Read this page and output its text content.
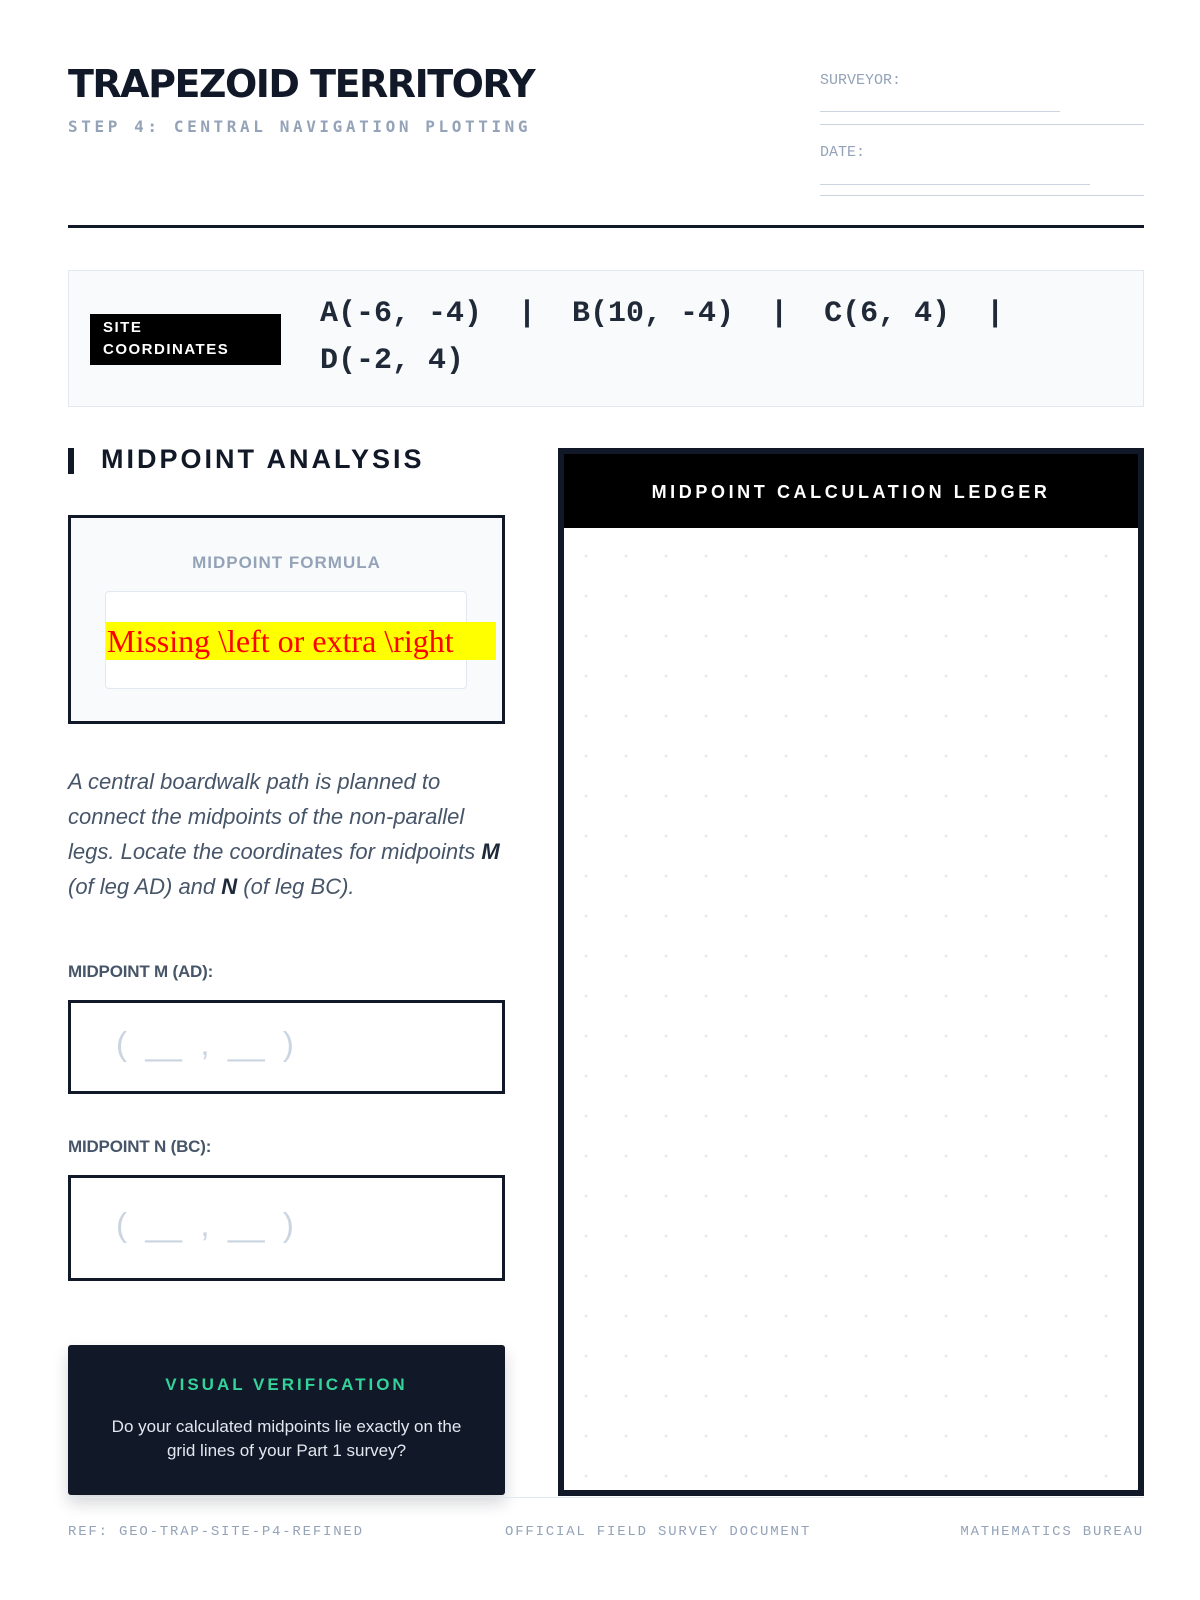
TRAPEZOID TERRITORY
STEP 4: CENTRAL NAVIGATION PLOTTING
SURVEYOR:
DATE:
SITE COORDINATES
A(-6, -4)  |  B(10, -4)  |  C(6, 4)  |  D(-2, 4)
MIDPOINT ANALYSIS
MIDPOINT FORMULA
Missing \left or extra \right
A central boardwalk path is planned to connect the midpoints of the non-parallel legs. Locate the coordinates for midpoints M (of leg AD) and N (of leg BC).
MIDPOINT M (AD):
(  __  ,  __  )
MIDPOINT N (BC):
(  __  ,  __  )
VISUAL VERIFICATION
Do your calculated midpoints lie exactly on the grid lines of your Part 1 survey?
MIDPOINT CALCULATION LEDGER
REF: GEO-TRAP-SITE-P4-REFINED	OFFICIAL FIELD SURVEY DOCUMENT	MATHEMATICS BUREAU
